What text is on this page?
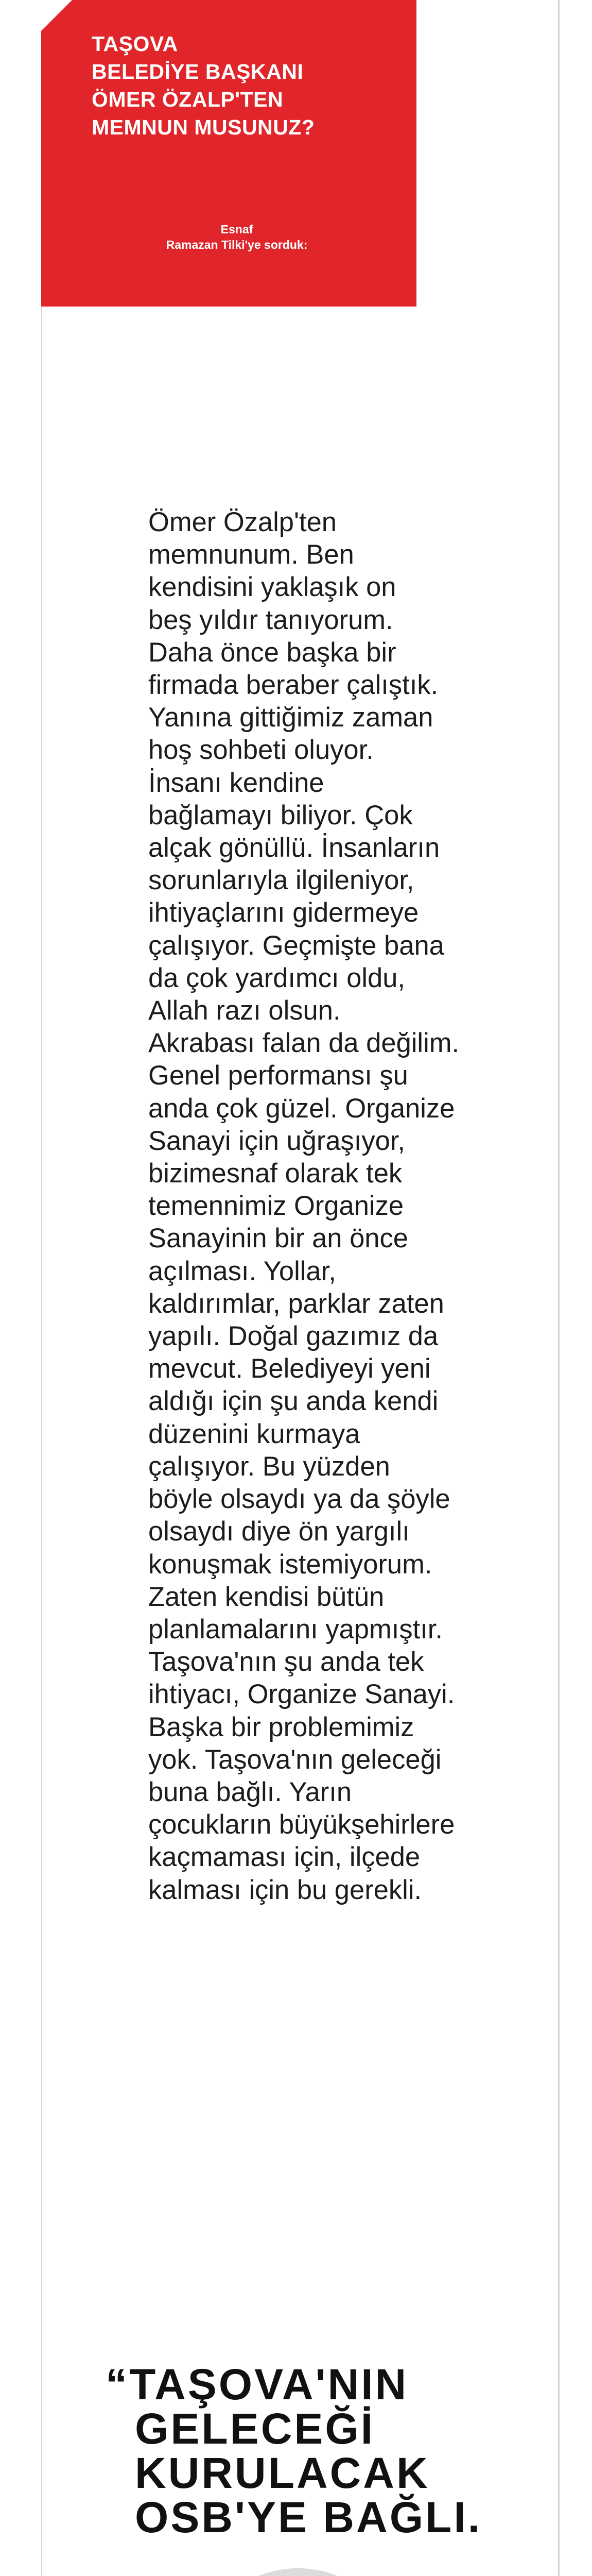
TAŞOVA
BELEDİYE BAŞKANI
ÖMER ÖZALP'TEN
MEMNUN MUSUNUZ?
Esnaf
Ramazan Tilki'ye sorduk:
Ömer Özalp'ten
memnunum. Ben
kendisini yaklaşık on
beş yıldır tanıyorum.
Daha önce başka bir
firmada beraber çalıştık.
Yanına gittiğimiz zaman
hoş sohbeti oluyor.
İnsanı kendine
bağlamayı biliyor. Çok
alçak gönüllü. İnsanların
sorunlarıyla ilgileniyor,
ihtiyaçlarını gidermeye
çalışıyor. Geçmişte bana
da çok yardımcı oldu,
Allah razı olsun.
Akrabası falan da değilim.
Genel performansı şu
anda çok güzel. Organize
Sanayi için uğraşıyor,
bizimesnaf olarak tek
temennimiz Organize
Sanayinin bir an önce
açılması. Yollar,
kaldırımlar, parklar zaten
yapılı. Doğal gazımız da
mevcut. Belediyeyi yeni
aldığı için şu anda kendi
düzenini kurmaya
çalışıyor. Bu yüzden
böyle olsaydı ya da şöyle
olsaydı diye ön yargılı
konuşmak istemiyorum.
Zaten kendisi bütün
planlamalarını yapmıştır.
Taşova'nın şu anda tek
ihtiyacı, Organize Sanayi.
Başka bir problemimiz
yok. Taşova'nın geleceği
buna bağlı. Yarın
çocukların büyükşehirlere
kaçmaması için, ilçede
kalması için bu gerekli.
“TAŞOVA'NIN
GELECEĞİ
KURULACAK
OSB'YE BAĞLI.
